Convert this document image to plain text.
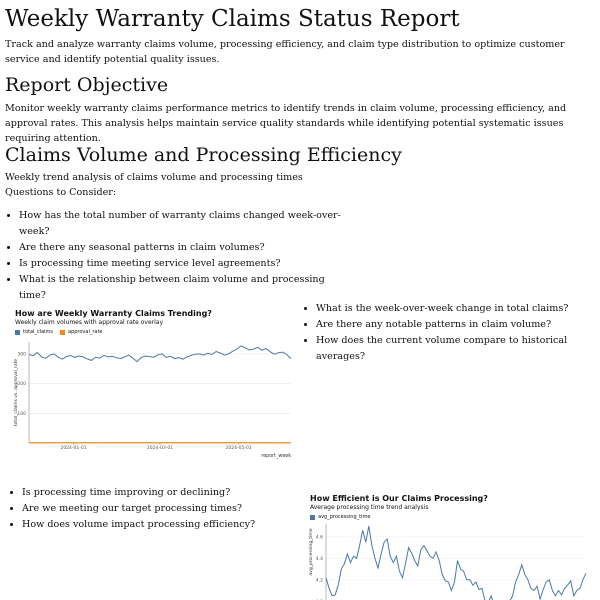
Weekly Warranty Claims Status Report

Track and analyze warranty claims volume, processing efficiency, and claim type distribution to optimize customer service and identify potential quality issues.

Report Objective

Monitor weekly warranty claims performance metrics to identify trends in claim volume, processing efficiency, and approval rates. This analysis helps maintain service quality standards while identifying potential systematic issues requiring attention.

Claims Volume and Processing Efficiency

Weekly trend analysis of claims volume and processing times

Questions to Consider:

• How has the total number of warranty claims changed week-over-week?
• Are there any seasonal patterns in claim volumes?
• Is processing time meeting service level agreements?
• What is the relationship between claim volume and processing time?
How are Weekly Warranty Claims Trending?
Weekly claim volumes with approval rate overlay
total_claims	approval_rate
100
200
300
2024-01-01	2024-03-01	2024-05-01
report_week
total_claims vs. approval_rate
• What is the week-over-week change in total claims?
• Are there any notable patterns in claim volume?
• How does the current volume compare to historical averages?
• Is processing time improving or declining?
• Are we meeting our target processing times?
• How does volume impact processing efficiency?
How Efficient is Our Claims Processing?
Average processing time trend analysis
avg_processing_time
4.2
4.4
4.6
avg_processing_time
